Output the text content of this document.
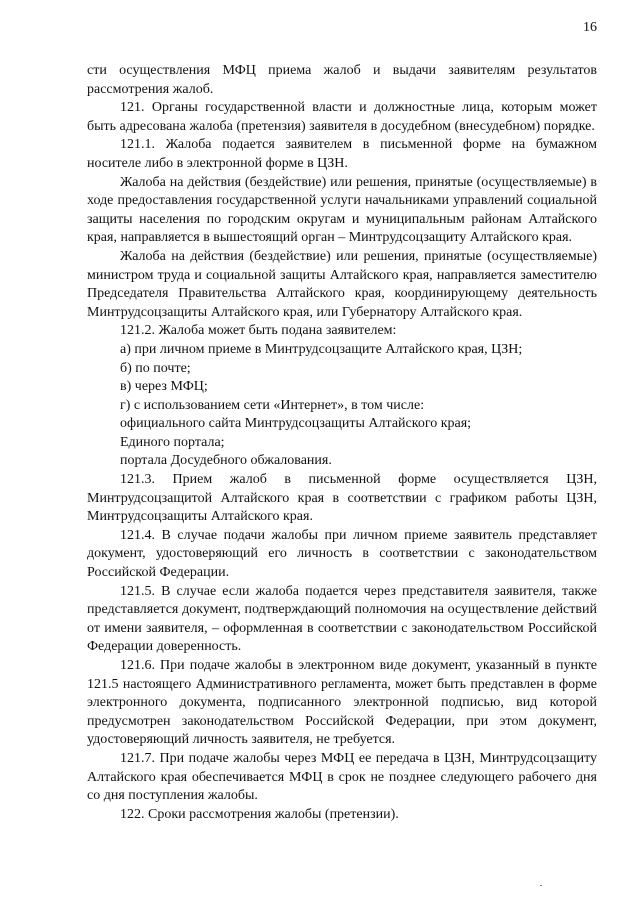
16

сти осуществления МФЦ приема жалоб и выдачи заявителям результатов рассмотрения жалоб.

121. Органы государственной власти и должностные лица, которым может быть адресована жалоба (претензия) заявителя в досудебном (внесудебном) порядке.

121.1. Жалоба подается заявителем в письменной форме на бумажном носителе либо в электронной форме в ЦЗН.

Жалоба на действия (бездействие) или решения, принятые (осуществляемые) в ходе предоставления государственной услуги начальниками управлений социальной защиты населения по городским округам и муниципальным районам Алтайского края, направляется в вышестоящий орган – Минтрудсоцзащиту Алтайского края.

Жалоба на действия (бездействие) или решения, принятые (осуществляемые) министром труда и социальной защиты Алтайского края, направляется заместителю Председателя Правительства Алтайского края, координирующему деятельность Минтрудсоцзащиты Алтайского края, или Губернатору Алтайского края.

121.2. Жалоба может быть подана заявителем:

а) при личном приеме в Минтрудсоцзащите Алтайского края, ЦЗН;

б) по почте;

в) через МФЦ;

г) с использованием сети «Интернет», в том числе:

официального сайта Минтрудсоцзащиты Алтайского края;

Единого портала;

портала Досудебного обжалования.

121.3. Прием жалоб в письменной форме осуществляется ЦЗН, Минтрудсоцзащитой Алтайского края в соответствии с графиком работы ЦЗН, Минтрудсоцзащиты Алтайского края.

121.4. В случае подачи жалобы при личном приеме заявитель представляет документ, удостоверяющий его личность в соответствии с законодательством Российской Федерации.

121.5. В случае если жалоба подается через представителя заявителя, также представляется документ, подтверждающий полномочия на осуществление действий от имени заявителя, – оформленная в соответствии с законодательством Российской Федерации доверенность.

121.6. При подаче жалобы в электронном виде документ, указанный в пункте 121.5 настоящего Административного регламента, может быть представлен в форме электронного документа, подписанного электронной подписью, вид которой предусмотрен законодательством Российской Федерации, при этом документ, удостоверяющий личность заявителя, не требуется.

121.7. При подаче жалобы через МФЦ ее передача в ЦЗН, Минтрудсоцзащиту Алтайского края обеспечивается МФЦ в срок не позднее следующего рабочего дня со дня поступления жалобы.

122. Сроки рассмотрения жалобы (претензии).
